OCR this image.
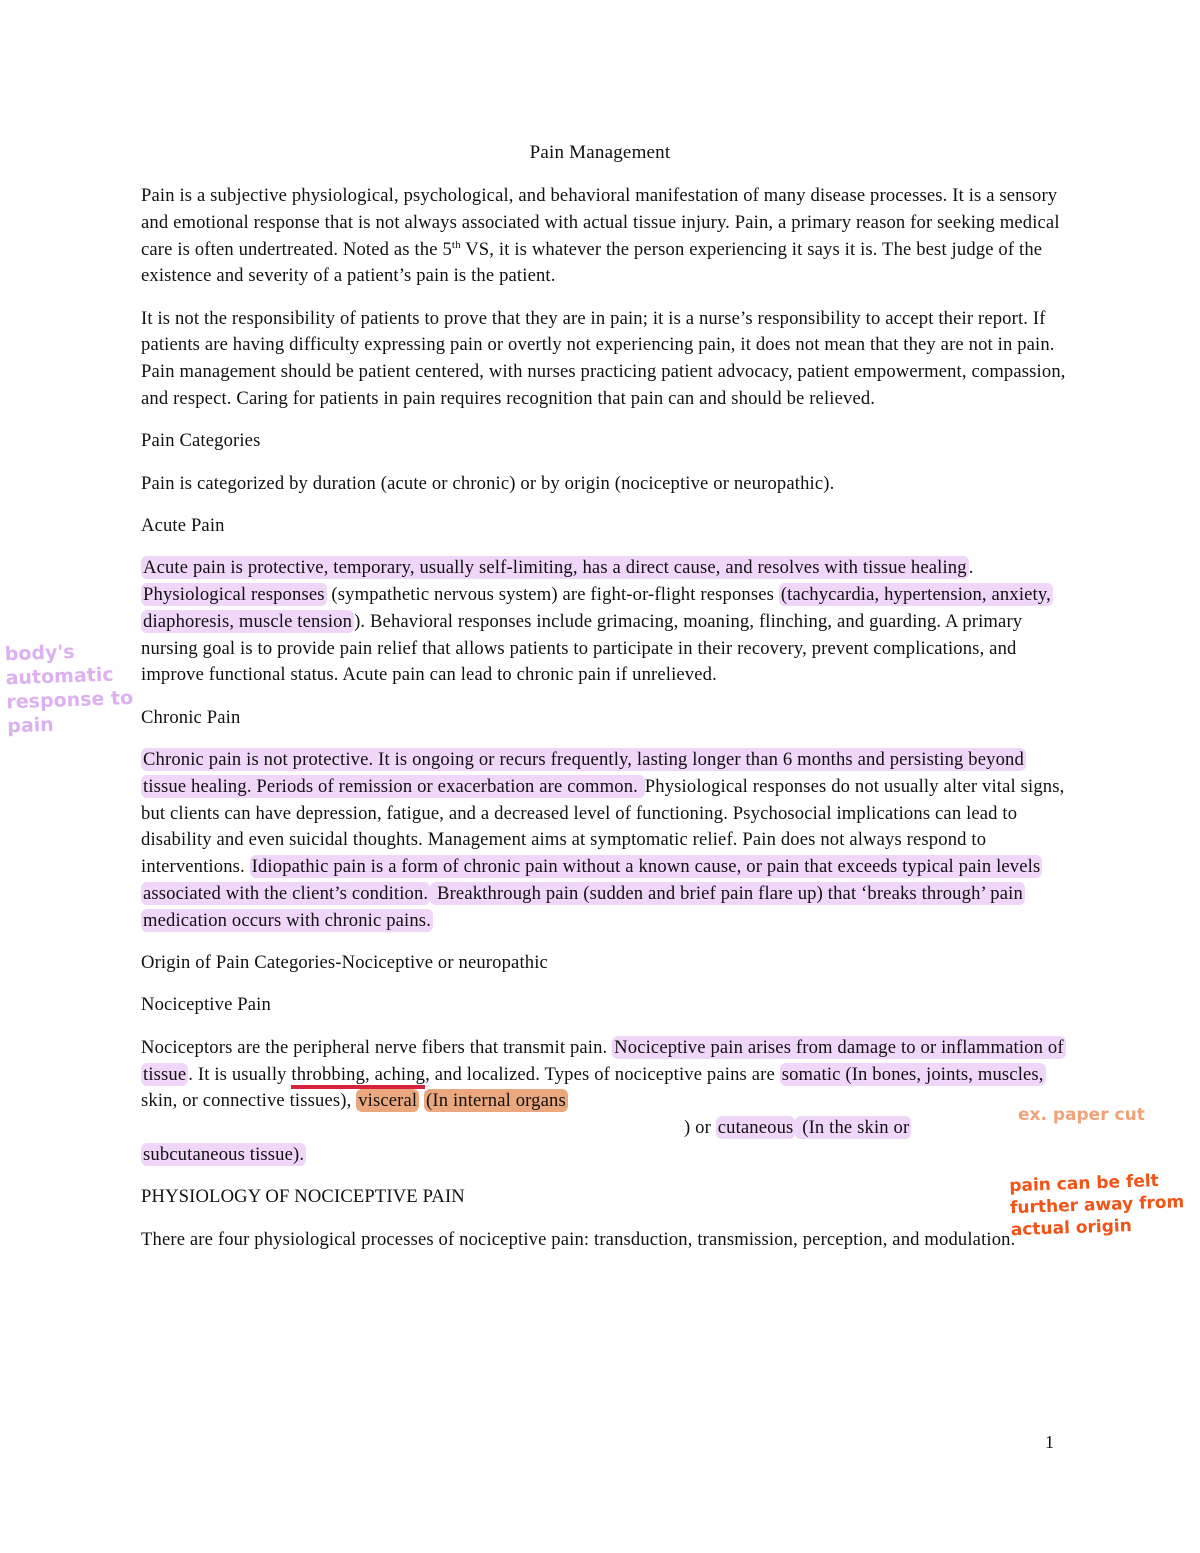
Pain Management

Pain is a subjective physiological, psychological, and behavioral manifestation of many disease processes. It is a sensory and emotional response that is not always associated with actual tissue injury. Pain, a primary reason for seeking medical care is often undertreated. Noted as the 5th VS, it is whatever the person experiencing it says it is. The best judge of the existence and severity of a patient’s pain is the patient.

It is not the responsibility of patients to prove that they are in pain; it is a nurse’s responsibility to accept their report. If patients are having difficulty expressing pain or overtly not experiencing pain, it does not mean that they are not in pain. Pain management should be patient centered, with nurses practicing patient advocacy, patient empowerment, compassion, and respect. Caring for patients in pain requires recognition that pain can and should be relieved.

Pain Categories

Pain is categorized by duration (acute or chronic) or by origin (nociceptive or neuropathic).

Acute Pain

Acute pain is protective, temporary, usually self-limiting, has a direct cause, and resolves with tissue healing . Physiological responses (sympathetic nervous system) are fight-or-flight responses (tachycardia, hypertension, anxiety, diaphoresis, muscle tension ). Behavioral responses include grimacing, moaning, flinching, and guarding. A primary nursing goal is to provide pain relief that allows patients to participate in their recovery, prevent complications, and improve functional status. Acute pain can lead to chronic pain if unrelieved.

Chronic Pain

Chronic pain is not protective. It is ongoing or recurs frequently, lasting longer than 6 months and persisting beyond tissue healing. Periods of remission or exacerbation are common. Physiological responses do not usually alter vital signs, but clients can have depression, fatigue, and a decreased level of functioning. Psychosocial implications can lead to disability and even suicidal thoughts. Management aims at symptomatic relief. Pain does not always respond to interventions. Idiopathic pain is a form of chronic pain without a known cause, or pain that exceeds typical pain levels associated with the client’s condition. Breakthrough pain (sudden and brief pain flare up) that ‘breaks through’ pain medication occurs with chronic pains.

Origin of Pain Categories-Nociceptive or neuropathic

Nociceptive Pain

Nociceptors are the peripheral nerve fibers that transmit pain. Nociceptive pain arises from damage to or inflammation of tissue . It is usually throbbing, aching, and localized. Types of nociceptive pains are somatic (In bones, joints, muscles, skin, or connective tissues), visceral (In internal organs

) or cutaneous (In the skin or

subcutaneous tissue).

PHYSIOLOGY OF NOCICEPTIVE PAIN

There are four physiological processes of nociceptive pain: transduction, transmission, perception, and modulation.

body's automatic response to pain
ex. paper cut
pain can be felt further away from actual origin
1
